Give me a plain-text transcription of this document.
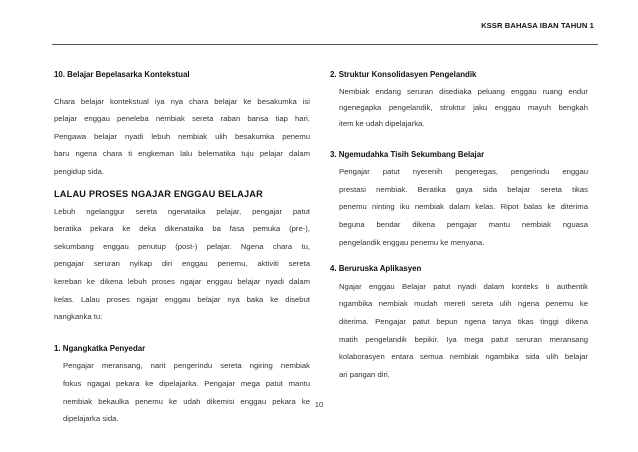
KSSR BAHASA IBAN TAHUN 1
10. Belajar Bepelasarka Kontekstual
Chara belajar kontekstual iya nya chara belajar ke besakumka isi
pelajar enggau peneleba nembiak sereta raban bansa tiap hari.
Pengawa belajar nyadi lebuh nembiak ulih besakumka penemu
baru ngena chara ti engkeman lalu belematika tuju pelajar dalam
pengidup sida.
LALAU PROSES NGAJAR ENGGAU BELAJAR
Lebuh ngelanggur sereta ngenataika pelajar, pengajar patut
beratika pekara ke deka dikenataika ba fasa pemuka (pre-),
sekumbang enggau penutup (post-) pelajar. Ngena chara tu,
pengajar seruran nyikap diri enggau penemu, aktiviti sereta
kereban ke dikena lebuh proses ngajar enggau belajar nyadi dalam
kelas. Lalau proses ngajar enggau belajar nya baka ke disebut
nangkanka tu:
1. Ngangkatka Penyedar
Pengajar meransang, narit pengerindu sereta ngiring nembiak
fokus ngagai pekara ke dipelajarka. Pengajar mega patut mantu
nembiak bekaulka penemu ke udah dikemisi enggau pekara ke
dipelajarka sida.
2. Struktur Konsolidasyen Pengelandik
Nembiak endang seruran disediaka peluang enggau ruang endur
ngenegapka pengelandik, struktur jaku enggau mayuh bengkah
item ke udah dipelajarka.
3. Ngemudahka Tisih Sekumbang Belajar
Pengajar patut nyerenih pengeregas, pengerindu enggau
prestasi nembiak. Beratika gaya sida belajar sereta tikas
penemu ninting iku nembiak dalam kelas. Ripot balas ke diterima
beguna bendar dikena pengajar mantu nembiak nguasa
pengelandik enggau penemu ke menyana.
4. Beruruska Aplikasyen
Ngajar enggau Belajar patut nyadi dalam konteks ti authentik
ngambika nembiak mudah mereti sereta ulih ngena penemu ke
diterima. Pengajar patut bepun ngena tanya tikas tinggi dikena
matih pengelandik bepikir. Iya mega patut seruran meransang
kolaborasyen entara semua nembiak ngambika sida ulih belajar
ari pangan diri.
10
